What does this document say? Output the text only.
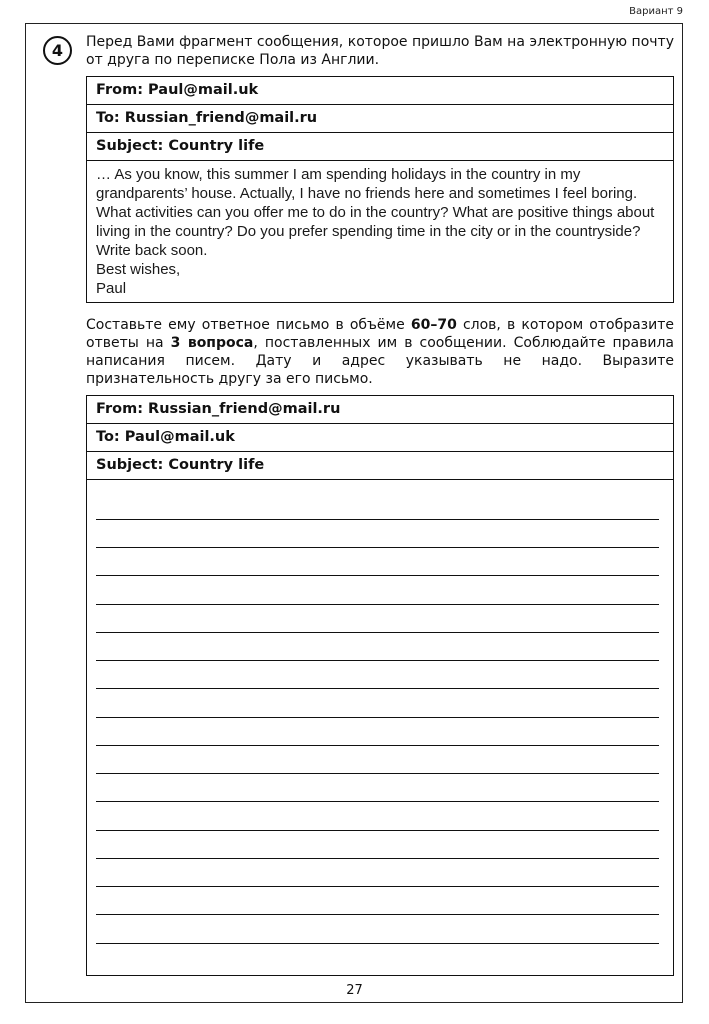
Вариант 9
4	Перед Вами фрагмент сообщения, которое пришло Вам на электронную почту от друга по переписке Пола из Англии.

From: Paul@mail.uk
To: Russian_friend@mail.ru
Subject: Country life

… As you know, this summer I am spending holidays in the country in my

grandparents’ house. Actually, I have no friends here and sometimes I feel boring.

What activities can you offer me to do in the country? What are positive things about

living in the country? Do you prefer spending time in the city or in the countryside?

Write back soon.

Best wishes,

Paul

Составьте ему ответное письмо в объёме 60–70 слов, в котором отобразите ответы на 3 вопроса, поставленных им в сообщении. Соблюдайте правила написания писем. Дату и адрес указывать не надо. Выразите признательность другу за его письмо.

From: Russian_friend@mail.ru
To: Paul@mail.uk
Subject: Country life
27
